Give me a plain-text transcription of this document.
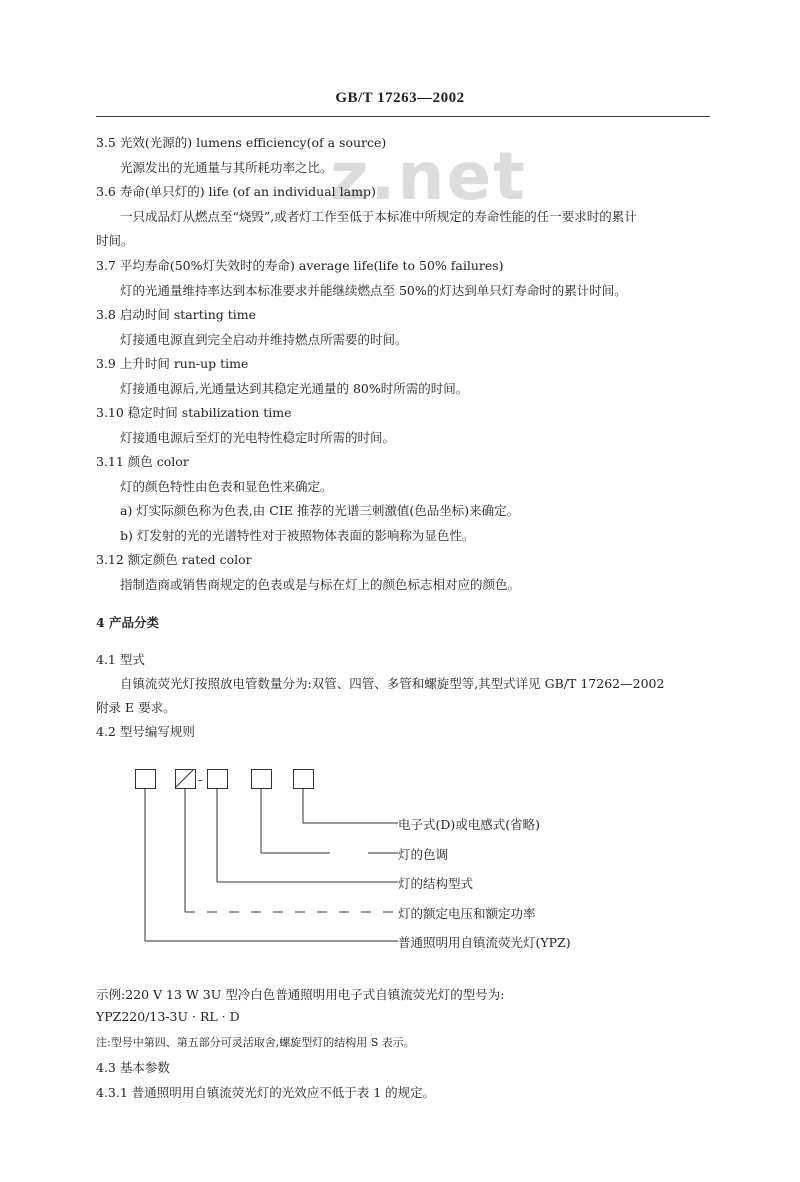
GB/T 17263—2002
z.net
3.5 光效(光源的) lumens efficiency(of a source)
光源发出的光通量与其所耗功率之比。
3.6 寿命(单只灯的) life (of an individual lamp)
一只成品灯从燃点至“烧毁”,或者灯工作至低于本标准中所规定的寿命性能的任一要求时的累计
时间。
3.7 平均寿命(50%灯失效时的寿命) average life(life to 50% failures)
灯的光通量维持率达到本标准要求并能继续燃点至 50%的灯达到单只灯寿命时的累计时间。
3.8 启动时间 starting time
灯接通电源直到完全启动并维持燃点所需要的时间。
3.9 上升时间 run-up time
灯接通电源后,光通量达到其稳定光通量的 80%时所需的时间。
3.10 稳定时间 stabilization time
灯接通电源后至灯的光电特性稳定时所需的时间。
3.11 颜色 color
灯的颜色特性由色表和显色性来确定。
a) 灯实际颜色称为色表,由 CIE 推荐的光谱三刺激值(色品坐标)来确定。
b) 灯发射的光的光谱特性对于被照物体表面的影响称为显色性。
3.12 额定颜色 rated color
指制造商或销售商规定的色表或是与标在灯上的颜色标志相对应的颜色。
4 产品分类
4.1 型式
自镇流荧光灯按照放电管数量分为:双管、四管、多管和螺旋型等,其型式详见 GB/T 17262—2002
附录 E 要求。
4.2 型号编写规则
-
电子式(D)或电感式(省略)
灯的色调
灯的结构型式
灯的额定电压和额定功率
普通照明用自镇流荧光灯(YPZ)
示例:220 V 13 W 3U 型冷白色普通照明用电子式自镇流荧光灯的型号为:
YPZ220/13-3U · RL · D
注:型号中第四、第五部分可灵活取舍,螺旋型灯的结构用 S 表示。
4.3 基本参数
4.3.1 普通照明用自镇流荧光灯的光效应不低于表 1 的规定。
